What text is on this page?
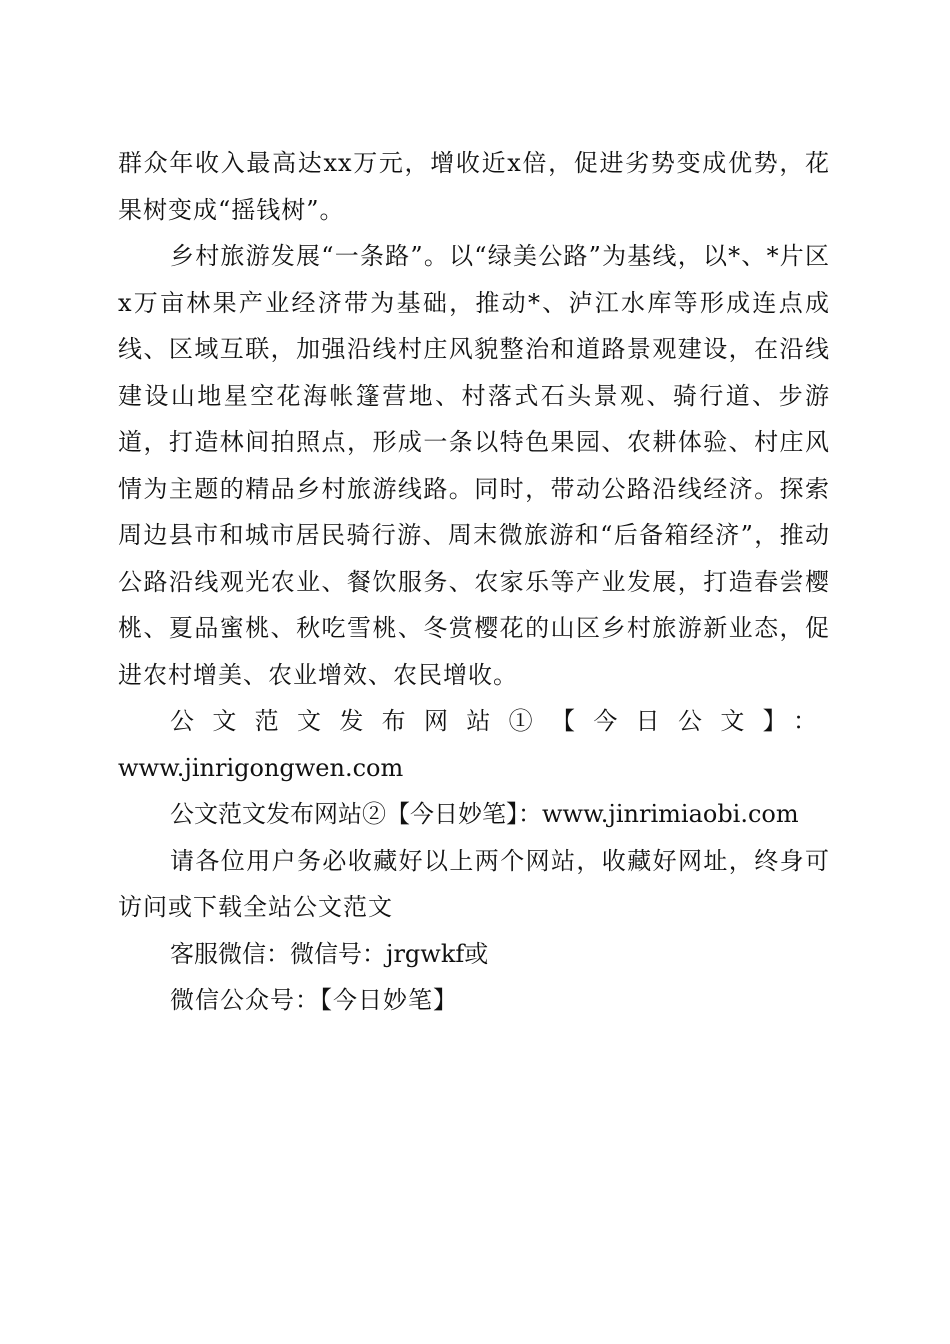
群众年收入最高达xx万元，增收近x倍，促进劣势变成优势，花果树变成“摇钱树”。

乡村旅游发展“一条路”。以“绿美公路”为基线，以*、*片区x万亩林果产业经济带为基础，推动*、泸江水库等形成连点成线、区域互联，加强沿线村庄风貌整治和道路景观建设，在沿线建设山地星空花海帐篷营地、村落式石头景观、骑行道、步游道，打造林间拍照点，形成一条以特色果园、农耕体验、村庄风情为主题的精品乡村旅游线路。同时，带动公路沿线经济。探索周边县市和城市居民骑行游、周末微旅游和“后备箱经济”，推动公路沿线观光农业、餐饮服务、农家乐等产业发展，打造春尝樱桃、夏品蜜桃、秋吃雪桃、冬赏樱花的山区乡村旅游新业态，促进农村增美、农业增效、农民增收。

公文范文发布网站①【今日公文】：

www.jinrigongwen.com

公文范文发布网站②【今日妙笔】：www.jinrimiaobi.com

请各位用户务必收藏好以上两个网站，收藏好网址，终身可访问或下载全站公文范文

客服微信：微信号：jrgwkf或

微信公众号：【今日妙笔】
